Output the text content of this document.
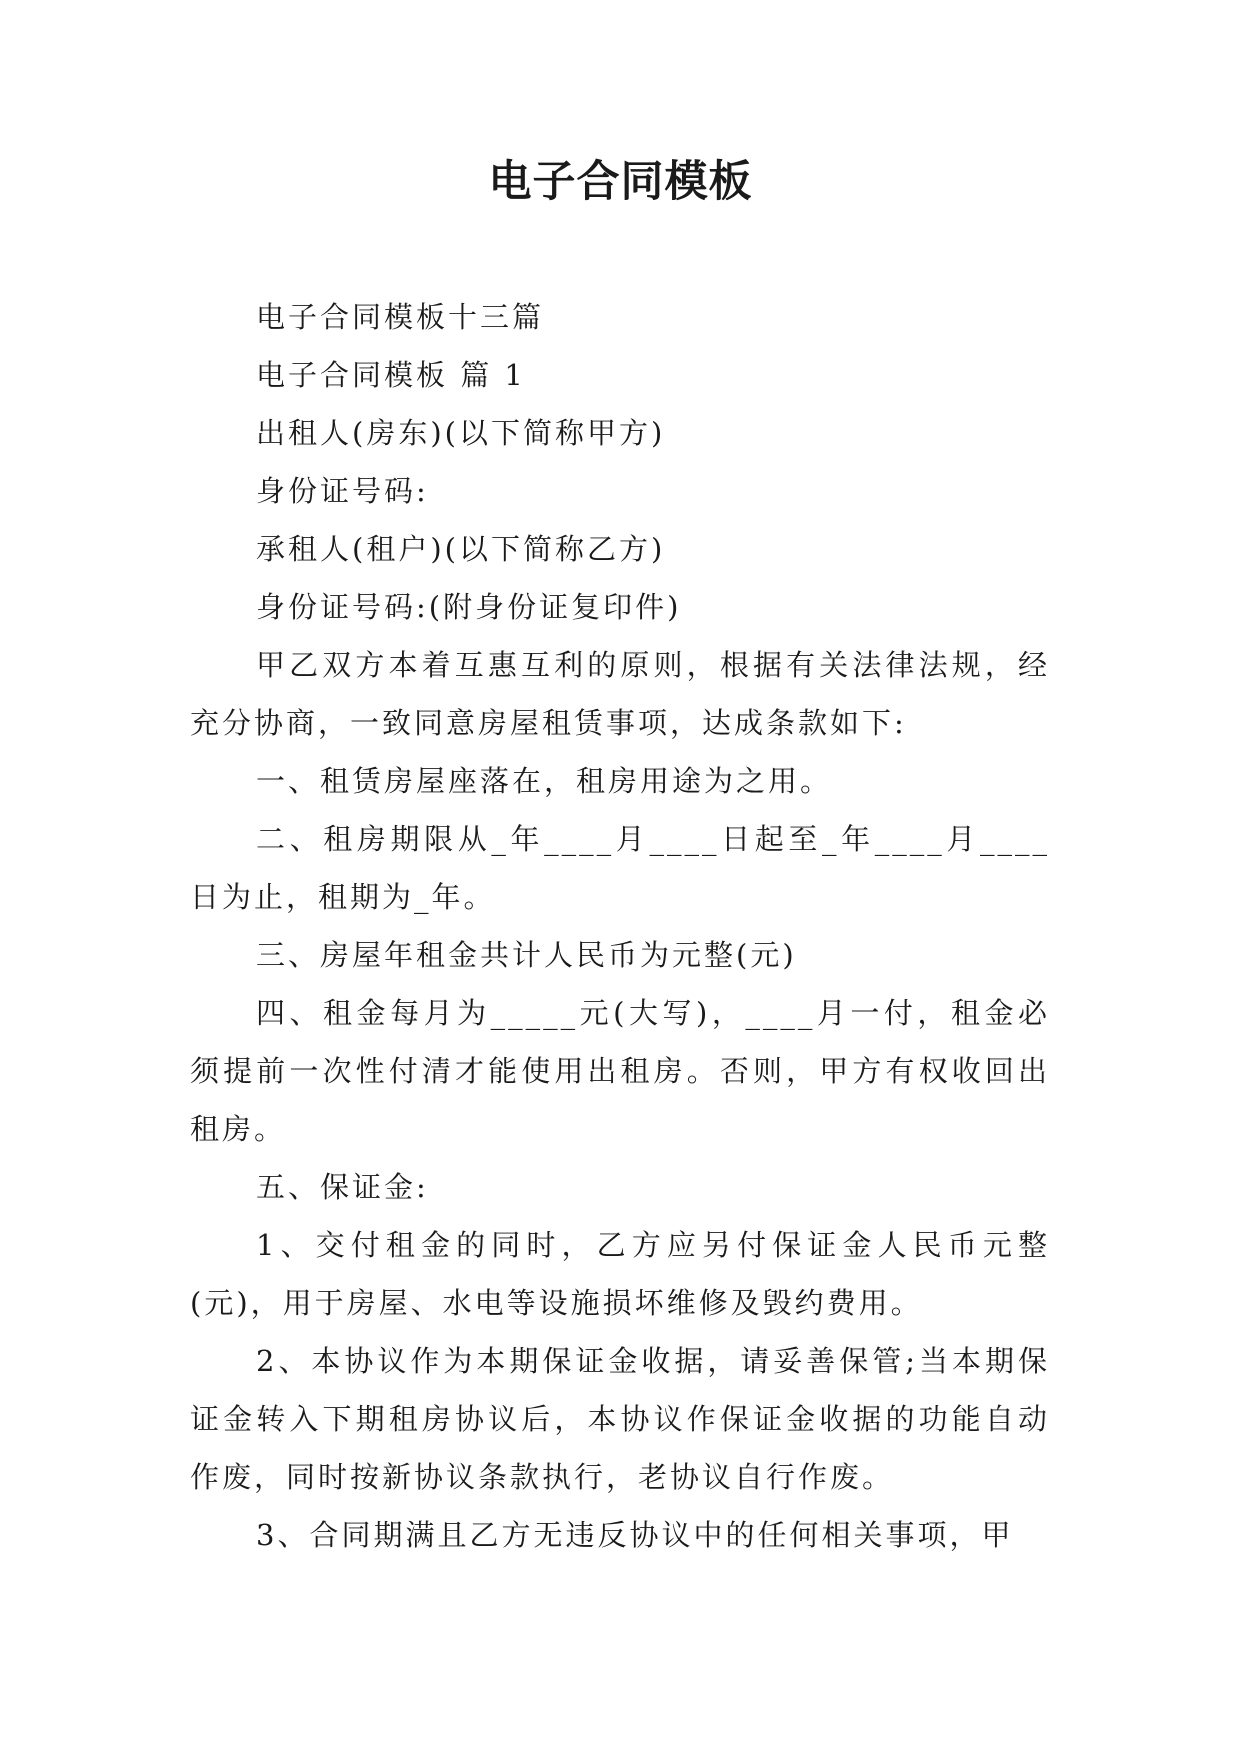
电子合同模板

电子合同模板十三篇

电子合同模板 篇 1

出租人(房东)(以下简称甲方)

身份证号码:

承租人(租户)(以下简称乙方)

身份证号码:(附身份证复印件)

甲乙双方本着互惠互利的原则，根据有关法律法规，经充分协商，一致同意房屋租赁事项，达成条款如下:

一、租赁房屋座落在，租房用途为之用。

二、租房期限从_年____月____日起至_年____月____日为止，租期为_年。

三、房屋年租金共计人民币为元整(元)

四、租金每月为_____元(大写)，____月一付，租金必须提前一次性付清才能使用出租房。否则，甲方有权收回出租房。

五、保证金:

1、交付租金的同时，乙方应另付保证金人民币元整(元)，用于房屋、水电等设施损坏维修及毁约费用。

2、本协议作为本期保证金收据，请妥善保管;当本期保证金转入下期租房协议后，本协议作保证金收据的功能自动作废，同时按新协议条款执行，老协议自行作废。

3、合同期满且乙方无违反协议中的任何相关事项，甲
